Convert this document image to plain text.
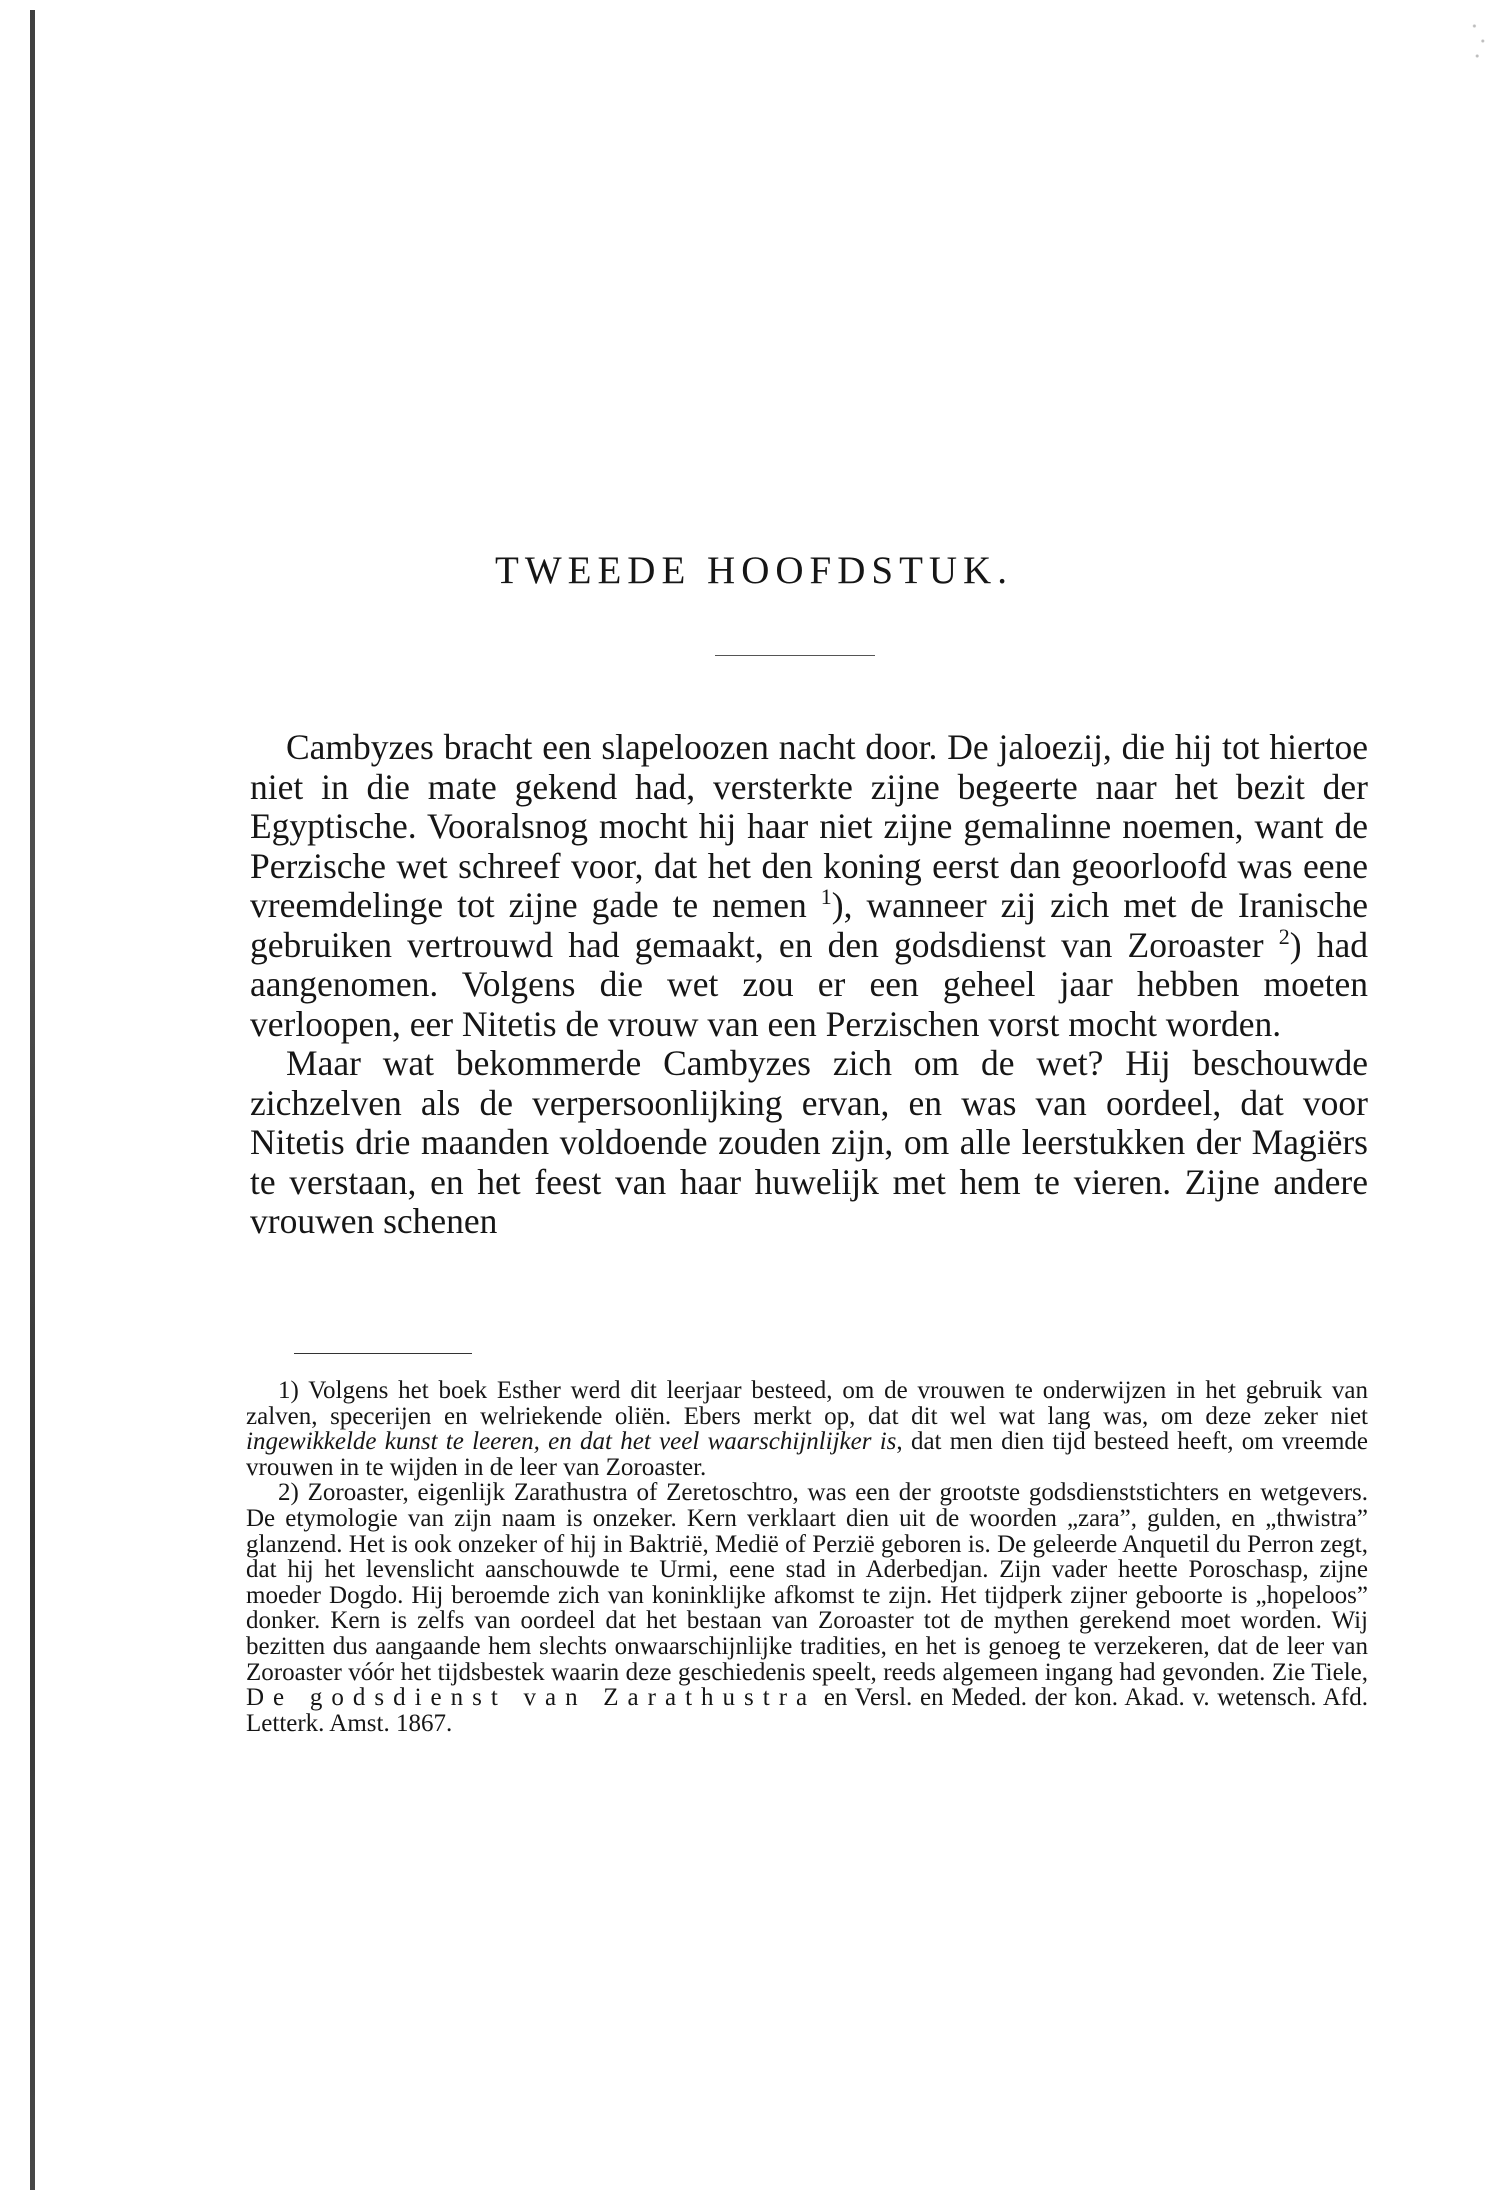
TWEEDE HOOFDSTUK.

Cambyzes bracht een slapeloozen nacht door. De jaloezij, die hij tot hiertoe niet in die mate gekend had, versterkte zijne begeerte naar het bezit der Egyptische. Vooralsnog mocht hij haar niet zijne gemalinne noemen, want de Perzische wet schreef voor, dat het den koning eerst dan geoorloofd was eene vreemdelinge tot zijne gade te nemen $^1$), wanneer zij zich met de Iranische gebruiken vertrouwd had gemaakt, en den godsdienst van Zoroaster $^2$) had aangenomen. Volgens die wet zou er een geheel jaar hebben moeten verloopen, eer Nitetis de vrouw van een Perzischen vorst mocht worden.

Maar wat bekommerde Cambyzes zich om de wet? Hij beschouwde zichzelven als de verpersoonlijking ervan, en was van oordeel, dat voor Nitetis drie maanden voldoende zouden zijn, om alle leerstukken der Magiërs te verstaan, en het feest van haar huwelijk met hem te vieren. Zijne andere vrouwen schenen

1) Volgens het boek Esther werd dit leerjaar besteed, om de vrouwen te onderwijzen in het gebruik van zalven, specerijen en welriekende oliën. Ebers merkt op, dat dit wel wat lang was, om deze zeker niet ingewikkelde kunst te leeren, en dat het veel waarschijnlijker is, dat men dien tijd besteed heeft, om vreemde vrouwen in te wijden in de leer van Zoroaster.

2) Zoroaster, eigenlijk Zarathustra of Zeretoschtro, was een der grootste godsdienststichters en wetgevers. De etymologie van zijn naam is onzeker. Kern verklaart dien uit de woorden „zara”, gulden, en „thwistra” glanzend. Het is ook onzeker of hij in Baktrië, Medië of Perzië geboren is. De geleerde Anquetil du Perron zegt, dat hij het levenslicht aanschouwde te Urmi, eene stad in Aderbedjan. Zijn vader heette Poroschasp, zijne moeder Dogdo. Hij beroemde zich van koninklijke afkomst te zijn. Het tijdperk zijner geboorte is „hopeloos” donker. Kern is zelfs van oordeel dat het bestaan van Zoroaster tot de mythen gerekend moet worden. Wij bezitten dus aangaande hem slechts onwaarschijnlijke tradities, en het is genoeg te verzekeren, dat de leer van Zoroaster vóór het tijdsbestek waarin deze geschiedenis speelt, reeds algemeen ingang had gevonden. Zie Tiele, De godsdienst van Zarathustra en Versl. en Meded. der kon. Akad. v. wetensch. Afd. Letterk. Amst. 1867.
